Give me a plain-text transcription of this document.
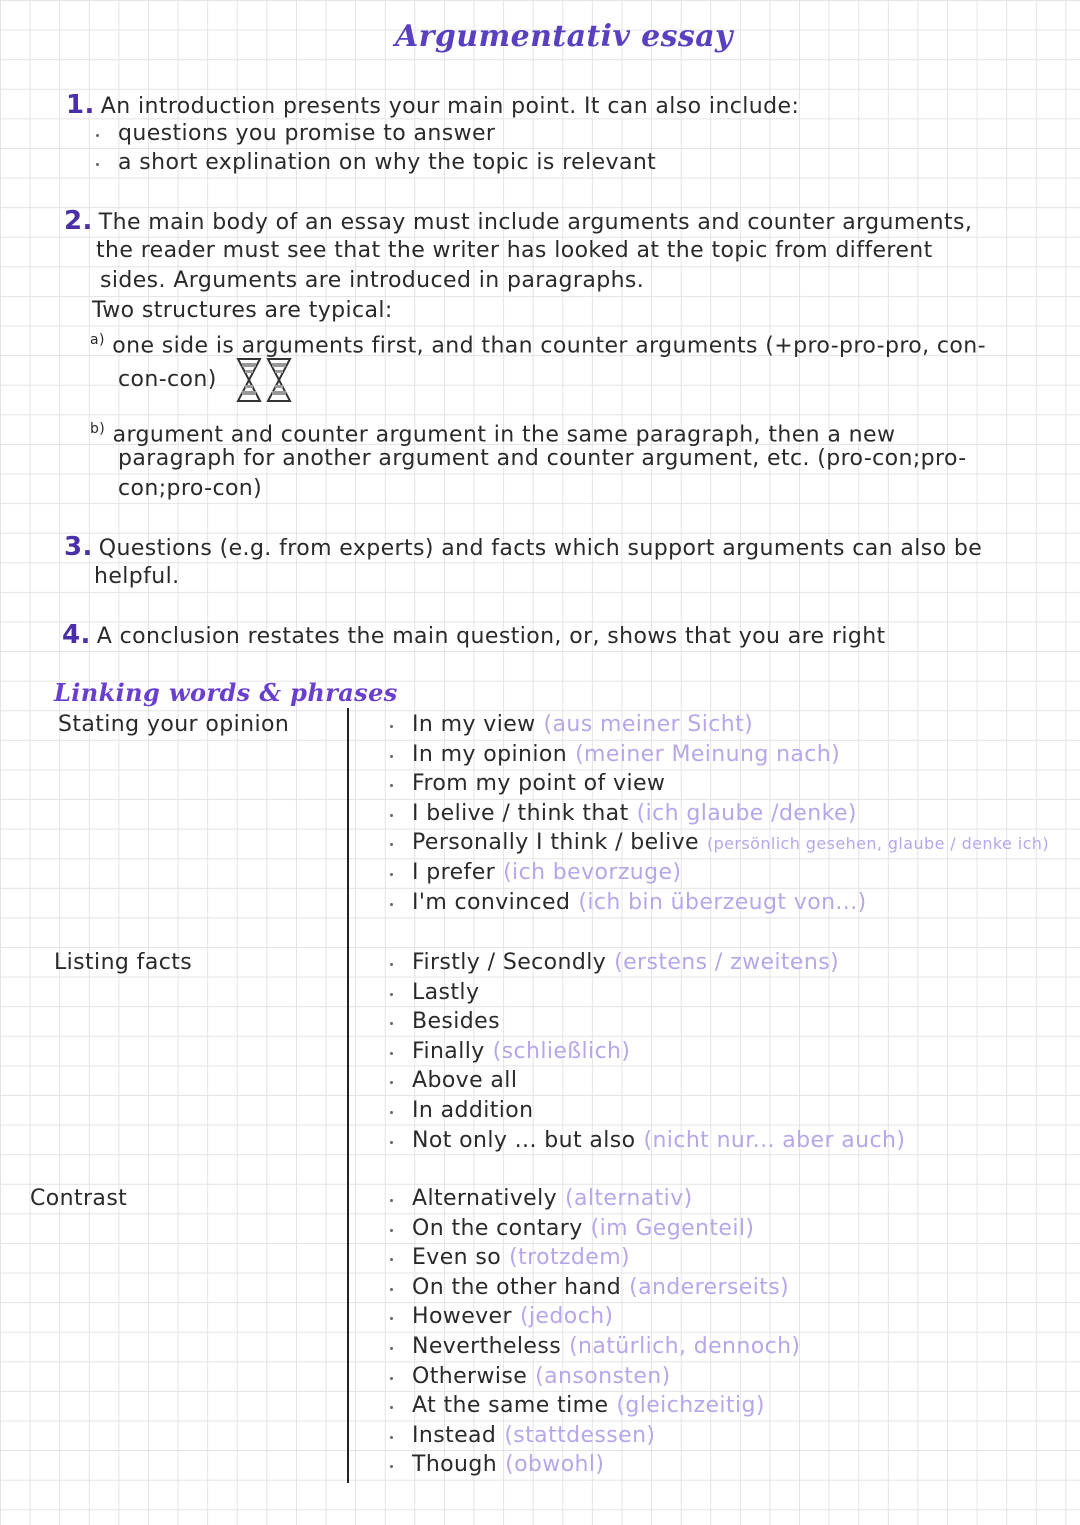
Argumentativ essay
1. An introduction presents your main point. It can also include:
questions you promise to answer
a short explination on why the topic is relevant
2. The main body of an essay must include arguments and counter arguments,
the reader must see that the writer has looked at the topic from different
sides. Arguments are introduced in paragraphs.
Two structures are typical:
$^{a)}$ one side is arguments first, and than counter arguments (+pro-pro-pro, con-
con-con)
$^{b)}$ argument and counter argument in the same paragraph, then a new
paragraph for another argument and counter argument, etc. (pro-con;pro-
con;pro-con)
3. Questions (e.g. from experts) and facts which support arguments can also be
helpful.
4. A conclusion restates the main question, or, shows that you are right
Linking words & phrases
Stating your opinion
Listing facts
Contrast
In my view (aus meiner Sicht)
In my opinion (meiner Meinung nach)
From my point of view
I belive / think that (ich glaube /denke)
Personally I think / belive (persönlich gesehen, glaube / denke ich)
I prefer (ich bevorzuge)
I'm convinced (ich bin überzeugt von...)
Firstly / Secondly (erstens / zweitens)
Lastly
Besides
Finally (schließlich)
Above all
In addition
Not only ... but also (nicht nur... aber auch)
Alternatively (alternativ)
On the contary (im Gegenteil)
Even so (trotzdem)
On the other hand (andererseits)
However (jedoch)
Nevertheless (natürlich, dennoch)
Otherwise (ansonsten)
At the same time (gleichzeitig)
Instead (stattdessen)
Though (obwohl)
